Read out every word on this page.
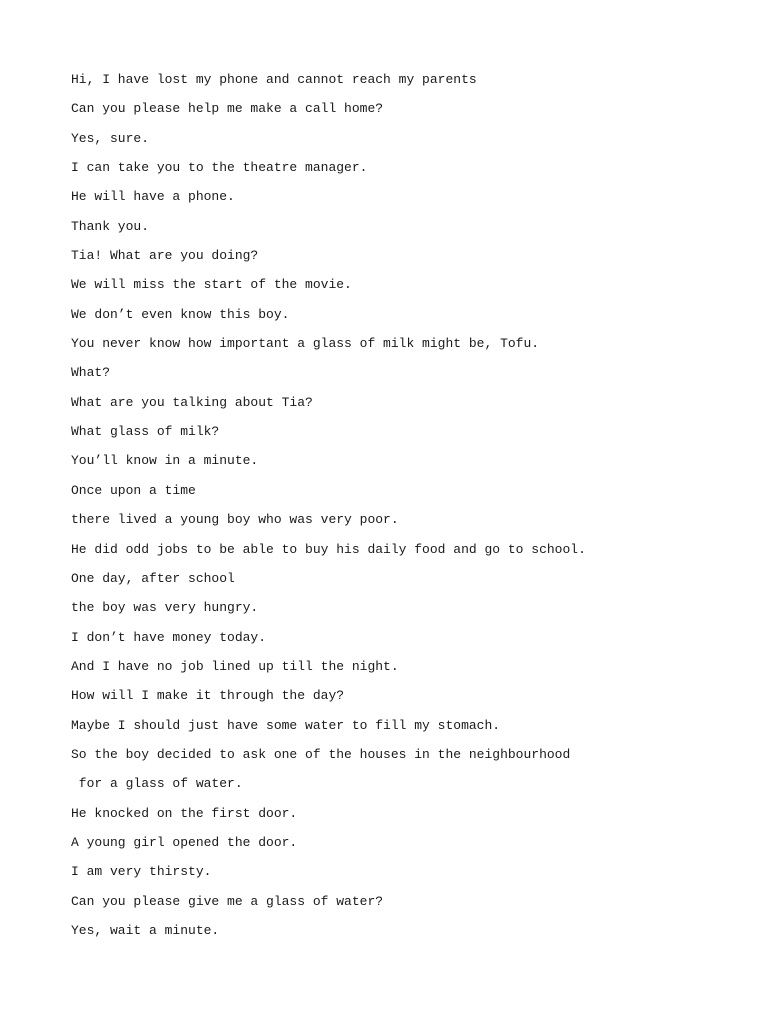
Hi, I have lost my phone and cannot reach my parents
Can you please help me make a call home?
Yes, sure.
I can take you to the theatre manager.
He will have a phone.
Thank you.
Tia! What are you doing?
We will miss the start of the movie.
We don’t even know this boy.
You never know how important a glass of milk might be, Tofu.
What?
What are you talking about Tia?
What glass of milk?
You’ll know in a minute.
Once upon a time
there lived a young boy who was very poor.
He did odd jobs to be able to buy his daily food and go to school.
One day, after school
the boy was very hungry.
I don’t have money today.
And I have no job lined up till the night.
How will I make it through the day?
Maybe I should just have some water to fill my stomach.
So the boy decided to ask one of the houses in the neighbourhood
for a glass of water.
He knocked on the first door.
A young girl opened the door.
I am very thirsty.
Can you please give me a glass of water?
Yes, wait a minute.
